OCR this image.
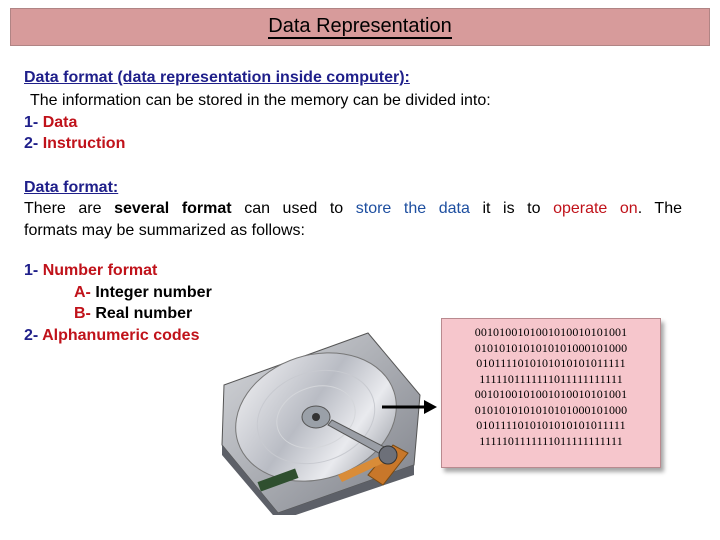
Data Representation
Data format (data representation inside computer):
The information can be stored in the memory can be divided into:
1- Data
2- Instruction
Data format:
There are several format can used to store the data it is to operate on. The
formats may be summarized as follows:
1- Number format
A- Integer number
B- Real number
2- Alphanumeric codes	0010100101001010010101001
0101010101010101000101000
0101111010101010101011111
1111101111111011111111111
0010100101001010010101001
0101010101010101000101000
0101111010101010101011111
1111101111111011111111111
